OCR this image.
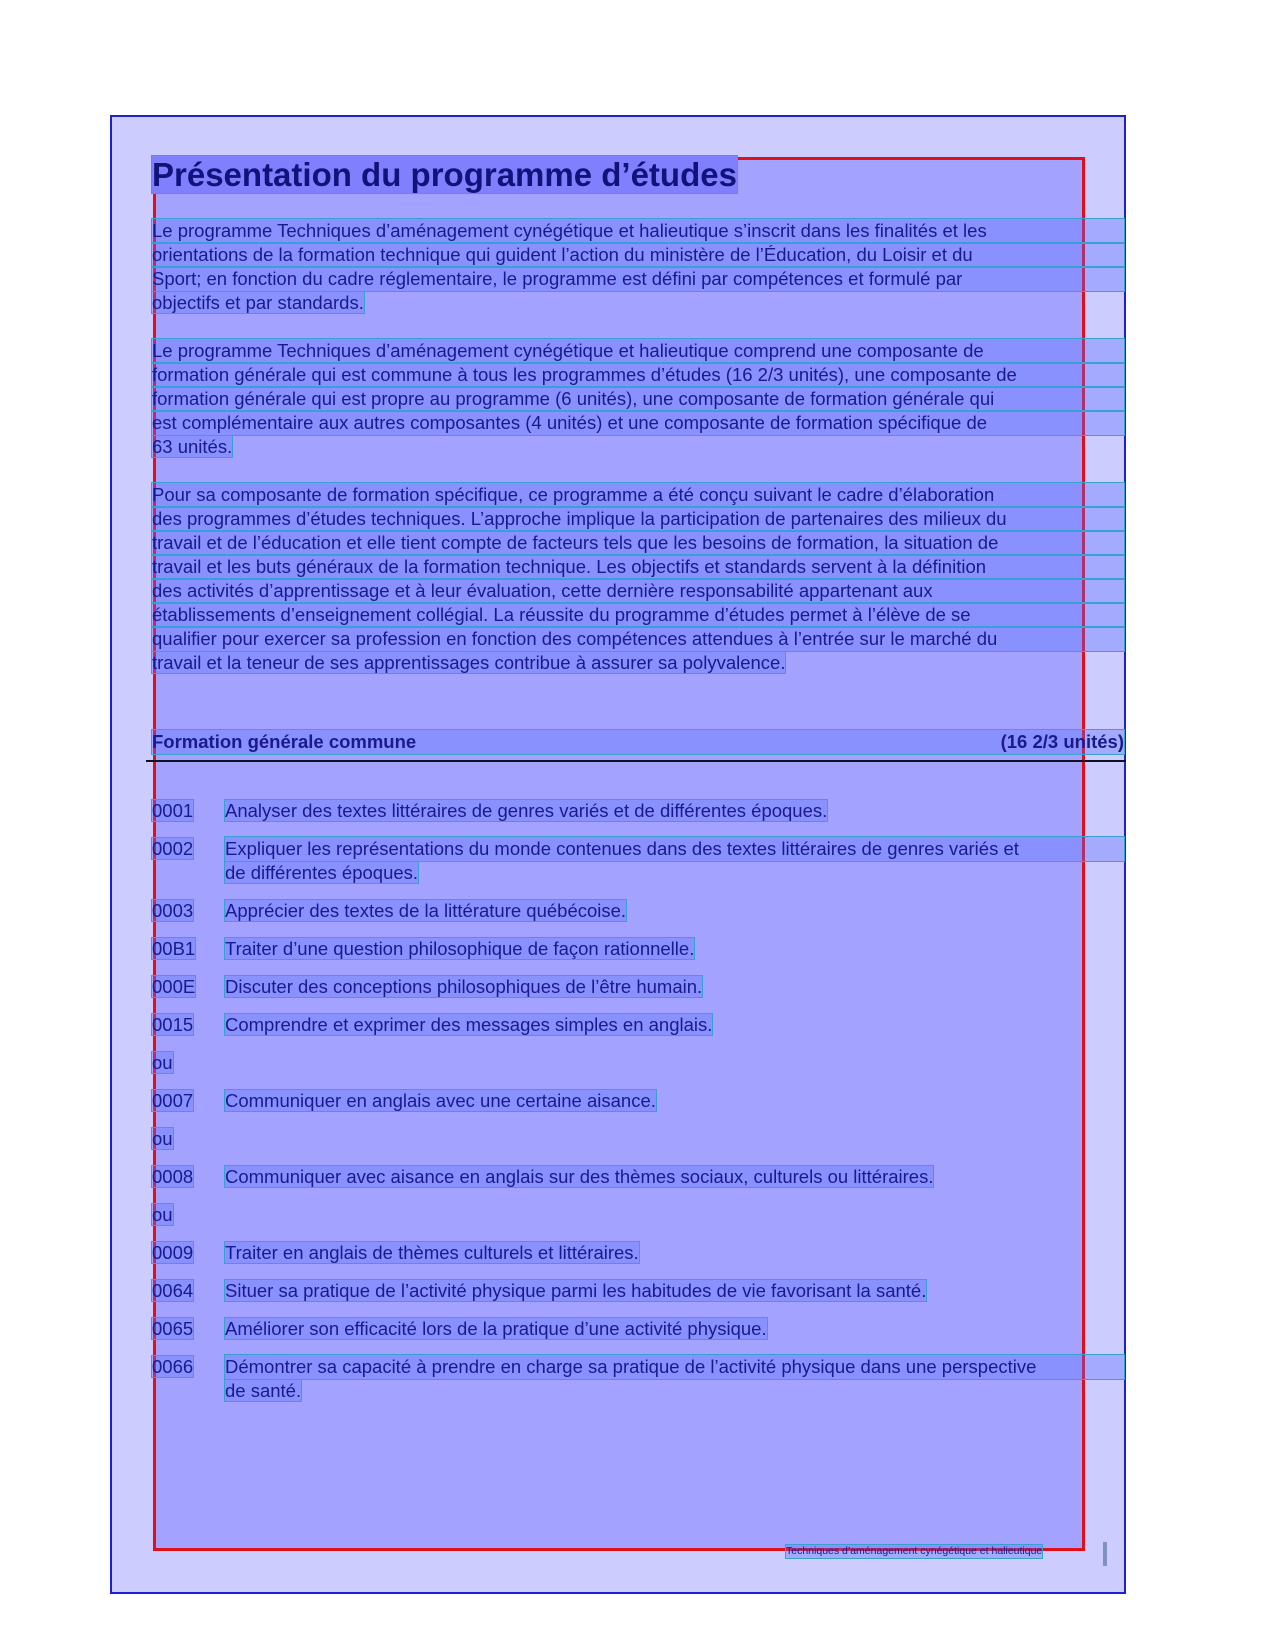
Présentation du programme d’études

Le programme Techniques d’aménagement cynégétique et halieutique s’inscrit dans les finalités et les
orientations de la formation technique qui guident l’action du ministère de l’Éducation, du Loisir et du
Sport; en fonction du cadre réglementaire, le programme est défini par compétences et formulé par
objectifs et par standards.

Le programme Techniques d’aménagement cynégétique et halieutique comprend une composante de
formation générale qui est commune à tous les programmes d’études (16 2/3 unités), une composante de
formation générale qui est propre au programme (6 unités), une composante de formation générale qui
est complémentaire aux autres composantes (4 unités) et une composante de formation spécifique de
63 unités.

Pour sa composante de formation spécifique, ce programme a été conçu suivant le cadre d’élaboration
des programmes d’études techniques. L’approche implique la participation de partenaires des milieux du
travail et de l’éducation et elle tient compte de facteurs tels que les besoins de formation, la situation de
travail et les buts généraux de la formation technique. Les objectifs et standards servent à la définition
des activités d’apprentissage et à leur évaluation, cette dernière responsabilité appartenant aux
établissements d’enseignement collégial. La réussite du programme d’études permet à l’élève de se
qualifier pour exercer sa profession en fonction des compétences attendues à l’entrée sur le marché du
travail et la teneur de ses apprentissages contribue à assurer sa polyvalence.

Formation générale commune	(16 2/3 unités)
0001	Analyser des textes littéraires de genres variés et de différentes époques.
0002	Expliquer les représentations du monde contenues dans des textes littéraires de genres variés et
de différentes époques.
0003	Apprécier des textes de la littérature québécoise.
00B1	Traiter d’une question philosophique de façon rationnelle.
000E	Discuter des conceptions philosophiques de l’être humain.
0015	Comprendre et exprimer des messages simples en anglais.
ou
0007	Communiquer en anglais avec une certaine aisance.
ou
0008	Communiquer avec aisance en anglais sur des thèmes sociaux, culturels ou littéraires.
ou
0009	Traiter en anglais de thèmes culturels et littéraires.
0064	Situer sa pratique de l’activité physique parmi les habitudes de vie favorisant la santé.
0065	Améliorer son efficacité lors de la pratique d’une activité physique.
0066	Démontrer sa capacité à prendre en charge sa pratique de l’activité physique dans une perspective
de santé.
Techniques d’aménagement cynégétique et halieutique
